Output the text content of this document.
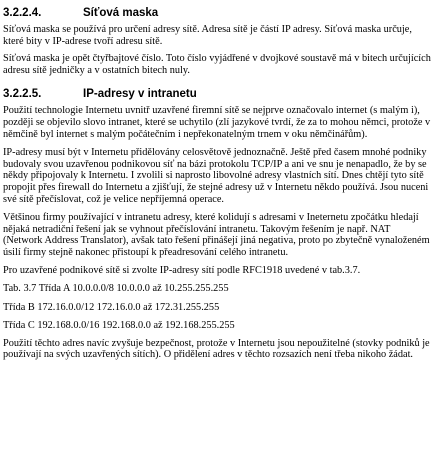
3.2.2.4.	Síťová maska

Síťová maska se používá pro určení adresy sítě. Adresa sítě je částí IP adresy. Síťová maska určuje, které bity v IP-adrese tvoří adresu sítě.

Síťová maska je opět čtyřbajtové číslo. Toto číslo vyjádřené v dvojkové soustavě má v bitech určujících adresu sítě jedničky a v ostatních bitech nuly.

3.2.2.5.	IP-adresy v intranetu

Použití technologie Internetu uvnitř uzavřené firemní sítě se nejprve označovalo internet (s malým i), později se objevilo slovo intranet, které se uchytilo (zlí jazykové tvrdí, že za to mohou němci, protože v němčině byl internet s malým počátečním i nepřekonatelným trnem v oku němčinářům).

IP-adresy musí být v Internetu přidělovány celosvětově jednoznačně. Ještě před časem mnohé podniky budovaly svou uzavřenou podnikovou síť na bázi protokolu TCP/IP a ani ve snu je nenapadlo, že by se někdy připojovaly k Internetu. I zvolili si naprosto libovolné adresy vlastních sítí. Dnes chtějí tyto sítě propojit přes firewall do Internetu a zjišťují, že stejné adresy už v Internetu někdo používá. Jsou nuceni své sítě přečíslovat, což je velice nepříjemná operace.

Většinou firmy používající v intranetu adresy, které kolidují s adresami v Ineternetu zpočátku hledají nějaká netradiční řešení jak se vyhnout přečíslování intranetu. Takovým řešením je např. NAT (Network Address Translator), avšak tato řešení přinášejí jiná negativa, proto po zbytečně vynaloženém úsilí firmy stejně nakonec přistoupí k přeadresování celého intranetu.

Pro uzavřené podnikové sítě si zvolte IP-adresy sítí podle RFC1918 uvedené v tab.3.7.

Tab. 3.7 Třída A 10.0.0.0/8 10.0.0.0 až 10.255.255.255

Třída B 172.16.0.0/12 172.16.0.0 až 172.31.255.255

Třída C 192.168.0.0/16 192.168.0.0 až 192.168.255.255

Použití těchto adres navíc zvyšuje bezpečnost, protože v Internetu jsou nepoužitelné (stovky podniků je používají na svých uzavřených sítích). O přidělení adres v těchto rozsazích není třeba nikoho žádat.
